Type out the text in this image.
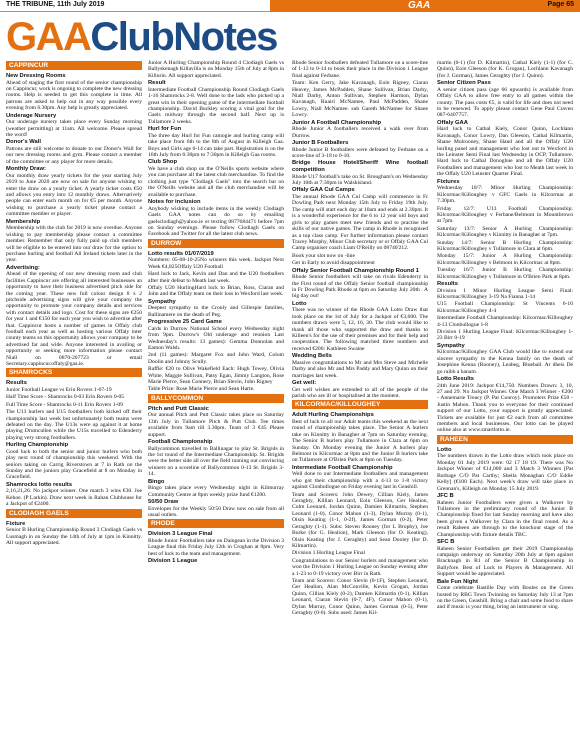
THE TRIBUNE, 11th July 2019	GAA	Page 65
GAAClubNotes
CAPPINCUR
New Dressing Rooms
Ahead of staging the first round of the senior championship on Cappincur, work is ongoing to complete the new dressing rooms. Help is needed to get this complete in time. All patrons are asked to help out in any way possible every evening from 6.30pm. Any help is greatly appreciated.
Underage Nursery
Our underage nursery takes place every Sunday morning (weather permitting) at 11am. All welcome. Please spread the word!
Donor's Wall
Patrons are still welcome to donate to our Donor's Wall for our new dressing rooms and gym. Please contact a member of the committee or any player for more details.
Monthly Draw:
Our monthly draw yearly tickets for the year starting July 2019 to June 2020 are now on sale for anyone wishing to enter the draw on a yearly ticket. A yearly ticket costs €50 and allows you entry into 12 monthly draws. Alternatively people can enter each month on for €5 per month. Anyone wishing to purchase a yearly ticket please contact a committee member or player.
Membership
Membership with the club for 2019 is now overdue. Anyone wishing to pay membership please contact a committee member. Remember that only fully paid up club members will be eligible to be entered into our draw for the option to purchase hurling and football All Ireland tickets later in the year.
Advertising:
Ahead of the opening of our new dressing room and club facilities Cappincur are offering all interested businesses an opportunity to have their business advertised pitch side for the coming year. These new full colour design 8 x 2 pitchside advertising signs will give your company the opportunity to promote your company details and services with contact details and logo. Cost for these signs are €250 for year 1 and €150 for each year you wish to advertise after that. Cappincur hosts a number of games in Offaly club football each year as well as hosting various Offaly inter county teams so this opportunity allows your company to be advertised far and wide. Anyone interested in availing or opportunity or seeking more information please contact Niall on 0870-207723 or email Secretary.cappincur.offaly@gaa.ie.
SHAMROCKS
Results
Junior Football League vs Erin Rovers 1-07-19
Half Time Score - Shamrocks 0-03 Erin Rovers 0-05
Full Time Score - Shamrocks 0-11 Erin Rovers 1-09
The U13 hurlers and U15 footballers both kicked off their championship last week but unfortunately both teams were defeated on the day. The U13s were up against it at home playing Drumcullen while the U15s travelled to Edenderry playing very strong footballers.
Hurling Championship
Good luck to both the senior and junior hurlers who both play next round of championship this weekend. With the seniors taking on Carrig Riverstown at 7 in Rath on the Sunday and the juniors play Gracefield at 8 on Monday in Gracefield.
Shamrocks lotto results
2,16,21,26. No jackpot winner. One match 3 wins €30. Joe Kehoe. (P Larkin). Draw next week in Rahan Clubhouse for a Jackpot of €2400.
CLODIAGH GAELS
Fixture
Senior B Hurling Championship Round 3 Clodiagh Gaels vs Lusmagh in on Sunday the 14th of July at 1pm in Kinnitty. All support appreciated.
Junior A Hurling Championship Round 4 Clodiagh Gaels vs Ballyskenagh Killavilla is on Monday 15th of July at 8pm in Killurin. All support appreciated.
Result
Intermediate Football Championship Round Clodiagh Gaels 1-16 Shamrocks 2-8. Well done to the lads who picked up a great win in their opening game of the intermediate football championship. David Buckley scoring a vital goal for the Gaels midway through the second half. Next up is Tullamore 2 weeks.
Hurl for Fun
The three day Hurl for Fun camogie and hurling camp will take place from 6th to the 8th of August in Killeigh Gaa. Boys and Girls age 6-14 can take part. Registration is on the 16th July from 6:30pm to 7:30pm in Killeigh Gaa rooms.
Club Shop
We have a club shop on the O'Neills sports website where you can purchase all the latest club merchandise. To find the clothing just type "Clodiagh Gaels" into the search bar on the O'Neills website and all the club merchandise will be available to purchase.
Notes for inclusion
Anybody wishing to include items in the weekly Clodiagh Gaels GAA notes can do so by emailing gaelsclodiagh@yahoo.ie or texting 0877684471 before 7pm on Sunday evenings. Please follow Clodiagh Gaels on Facebook and Twitter for all the latest club news.
DURROW
Lotto results 01/07/2019
Numbers: 05-08-10-25No winners this week. Jackpot Next Week €4,825Offaly U20 Football
Hard luck to Jack, Kevin and Dan and the U20 footballers after their defeat to Meath last week.
Offaly U20 HurlingHard luck to Brian, Ross, Ciaran and John and the Offaly team on their loss to Wexford last week.
Sympathy
Deepest sympathy to the Cronly and Gillespie families, Ballinamere on the death of Peg.
Progressive 25 Card Game
Cards in Durrow National School every Wednesday night from 9pm. Durrow's Old underage and reunion Last Wednesday's results: 13 games): Gemma Donnolan and Eamon Walsh.
2nd (11 games): Margaret Fox and John Ward, Colum Doolin and Johnny Scully.
Raffle: €20 to Olive Wakefield Each: Hugh Towey, Olivia White, Maggie Sullivan, Patsy Egan, Jimmy Langton, Rose Marie Pierce, Sean Connery, Brian Slevin, John Rigney
Table Prize: Rose Marie Pierce and Sean Harte.
BALLYCOMMON
Pitch and Putt Classic
Our annual Pitch and Putt Classic takes place on Saturday 13th July in Tullamore Pitch & Putt Club. Tee times available from 9am till 3.30pm. Team of 3 €45 Please support.
Football Championship
Ballycommon travelled to Ballinagar to play St. Brigids in the 1st round of the Intermediate Championship. St. Brigids were the better side all over the field running out convincing winners on a scoreline of Ballycommon 0-13 St. Brigids 3-14.
Bingo
Bingo takes place every Wednesday night in Kilmurray Community Centre at 8pm weekly prize fund €1200.
50/50 Draw
Envelopes for the Weekly 50:50 Draw now on sale from all usual outlets.
RHODE
Division 3 League Final
Rhode Junior Footballers take on Daingean in the Division 3 League final this Friday July 12th in Croghan at 8pm. Very best of luck to the team and management.
Division 1 League
Rhode Senior footballers defeated Tullamore on a score-line of 1-13 to 0-14 to book their place in the Division 1 League final against Ferbane.
Team: Ken Gerry, Jake Kavanagh, Eoin Rigney, Ciaran Heavey, James McPadden, Shane Sullivan, Brian Darby, Niall Darby, Anton Sullivan, Stephen Harmon, Dylan Kavanagh, Ruairi McNamee, Paul McPadden, Shane Lowry, Niall McNamee. sub Gareth McNamee for Shane Lowry.
Junior A Football Championship
Rhode Junior A footballers received a walk over from Durrow.
Junior B Footballers
Rhode Junior B footballers were defeated by Ferbane on a score-line of 3-18 to 0-10.
Bridge House Hotel/Sheriff Wine football competition
Rhode U17 football's take on St. Brougham's on Wednesday July 10th at 7:30pm in Walshisland.
Offaly GAA Cul Camps
The annual Rhode GAA Cul Camp will commence in Fr Dowling Park next Monday 15th July to Friday 19th July. The camp will start each day at 10am and ends at 2.30pm. It is a wonderful experience for the 6 to 12 year old boys and girls to play games meet new friends and to practise the skills of our native games. The camp in Rhode is recognised as a top class camp. For further information please contact Tracey Murphy, Minor Club secretary or or Offaly GAA Cul Camp organiser coach Liam O'Reilly on 08740'212.
Book your slot now on -line
Get in Early to avoid disappointment
Offaly Senior Football Championship Round 1
Rhode Senior footballers will take on rivals Edenderry in the First round of the Offaly Senior football championship in Fr Dowling Park Rhode at 6pm on Saturday July 20th . A big day out!
Lotto
There was no winner of the Rhode GAA Lotto Draw that took place on the 1st of July for a Jackpot of €3,600. The numbers drawn were 5, 12, 16, 30. The club would like to thank all those who supported the draw and thanks to Killeen's for the use of their premises and for their help and cooperation. The following matched three numbers and received €200: Kathleen Swaine
Wedding Bells
Massive congratulations to Mr and Mrs Steve and Michelle Darby and also Mr and Mrs Paddy and Mary Quinn on their marriages last week.
Get well:
Get well wishes are extended to all of the people of the parish who are ill or hospitalised at the moment.
KILCORMAC/KILLOUGHEY
Adult Hurling Championships
Best of luck to all our Adult teams this weekend as the next round of championship takes place. The Senior A hurlers take on Kinnitty in Banagher at 7pm on Saturday evening. The Senior B hurlers play Tullamore in Clara at 6pm on Sunday. On Monday evening the Junior A hurlers play Belmont in Kilcormac at 8pm and the Junior B hurlers take on Tullamore at O'Brien Park at 8pm on Tuesday.
Intermediate Football Championship
Well done to our Intermediate footballers and management who got their championship with a 4-13 to 1-8 victory against Clonbullogue on Friday evening last in Geashill.
Team and Scorers: John Dewey, Cillian Kiely, James Geraghty, Killian Leonard, Eoin Gleeson, Ger Healion, Colm Leonard, Jordan Quinn, Damien Kilmartin, Stephen Leonard (1-0), Conor Mahon (1-3), Dylan Murray (0-1), Oisin Keating (1-1, 0-2f), James Gorman (0-2), Peter Geraghty (1-1). Subs: Steven Rooney (for L Brophy), Joe Burke (for G. Healion), Mark Gleeson (for O. Keating), Oisin Keating (for J. Geraghty) and Sean Dooley (for D. Kilmartin).
Division 1 Hurling League Final
Congratulations to our Senior hurlers and management who won the Division 1 Hurling League on Sunday evening after a 1-23 to 0-19 victory over Birr in Rath.
Team and Scorers: Conor Slevin (0-1F), Stephen Leonard, Ger Healion, Alan McConville, Kevin Grogan, Jordan Quinn, Cillian Kiely (0-2), Damien Kilmartin (0-1), Killian Leonard, Ciaran Slevin (0-7, 4F), Conor Mahon (0-1), Dylan Murray, Conor Quinn, James Gorman (0-5), Peter Geraghty (0-6). Subs used: James Kil-
martin (0-1) (for D. Kilmartin), Cathal Kiely (1-1) (for C. Quinn), Eoin Gleeson (for K. Grogan), Lochlann Kavanagh (for J. Gorman), James Geraghty (for J. Quinn).
Senior Citizen Pass
A senior citizen pass (age 66 upwards) is available from Offaly GAA to allow free entry to all games within the county. The pass costs €5, is valid for life and does not need to be renewed. To apply please contact Gene Paul Craven 087-6407757.
Offaly GAA
Hard luck to Cathal Kiely, Conor Quinn, Lochlann Kavanagh, Conor Lowry, Dan Gleeson, Cathal Kilmartin, Shane Mulrooney, Shane Hand and all the Offaly U20 hurling panel and management who lost out to Wexford in the Leinster Semi Final last Wednesday in OCP, Tullamore. Hard luck to Cathal Donoghue and all the Offaly U20 Footballers and management who lost to Meath last week in the Offaly U20 Leinster Quarter Final.
Fixtures
Wednesday 10/7: Minor Hurling Championship: Kilcormac/Killoughey v GFC Gaels in Kilcormac at 7.30pm.
Friday 12/7: U13 Football Championship: Kilcormac/Killoughey v Ferbane/Belmont in Mountbrown at 7pm.
Saturday 13/7: Senior A Hurling Championship: Kilcormac/Killoughey v Kinnitty in Banagher at 7pm.
Sunday 14/7: Senior B Hurling Championship: Kilcormac/Killoughey v Tullamore in Clara at 6pm.
Monday 15/7: Junior A Hurling Championship: Kilcormac/Killoughey v Belmont in Kilcormac at 8pm.
Tuesday 16/7: Junior B Hurling Championship: Kilcormac/Killoughey v Tullamore in O'Brien Park at 8pm.
Results
Division 1 Minor Hurling League Semi Final: Kilcormac/Killoughey 3-19 Na Fianna 1-14
U15 Football Championship: St Vincents 6-10 Kilcormac/Killoughey 4-4
Intermediate Football Championship: Kilcormac/Killoughey 4-13 Clonbullogue 1-8
Division 1 Hurling League Final: Kilcormac/Killoughey 1-23 Birr 0-19
Sympathy
Kilcormac/Killoughey GAA Club would like to extend our sincere sympathy to the Kenna family on the death of Josephine Kenna (Rooney), Leabeg, Blueball. Ar dheis Dé go raibh a hanam.
Lotto Results
24th June 2019: Jackpot €14,750. Numbers Drawn: 3, 10, 27 and 29. No Jackpot Winner. One Match 3 Winner - €200 - Annemarie Treacy (P. Pat Conroy). Promoters Prize €50 - Justin Mahon. Thank you to everyone for their continued support of our Lotto, your support is greatly appreciated. Tickets are available for just €2 each from all committee members and local businesses. Our lotto can be played online also at www.smartlotto.ie.
RAHEEN
Lotto
The numbers drawn in the Lotto draw which took place on Monday 01 July 2019 were: 02 17 18 19. There was No Jackpot Winner of €14,000 and 3 Match 3 Winners [Pat Burbage C/O Pat Carthy; Sheila Monaghan C/O Eddie Kelly] (€100 Each). Next week's draw will take place in Grennan's, Killeigh on Monday 15 July 2019.
JFC B
Raheen Junior Footballers were given a Walkover by Tullamore in the preliminary round of the Junior B Championship fixed for last Sunday morning and have also been given a Walkover by Clara in the final round. As a result Raheen are through to the knockout stage of the Championship with fixture details TBC.
SFC B
Raheen Senior Footballers get their 2019 Championship campaign underway on Saturday 20th July at 6pm against Bracknagh in R1 of the Senior B Championship in Ballyfore. Best of Luck to Players & Management. All Support would be appreciated.
Bale Fun Night
Come celebrate Bastille Day with Boules on the Green hosted by RBG Town Twinning on Saturday July 13 at 7pm on the Green, Geashill. Bring a chair and some food to share and if music is your thing, bring an instrument or sing.
